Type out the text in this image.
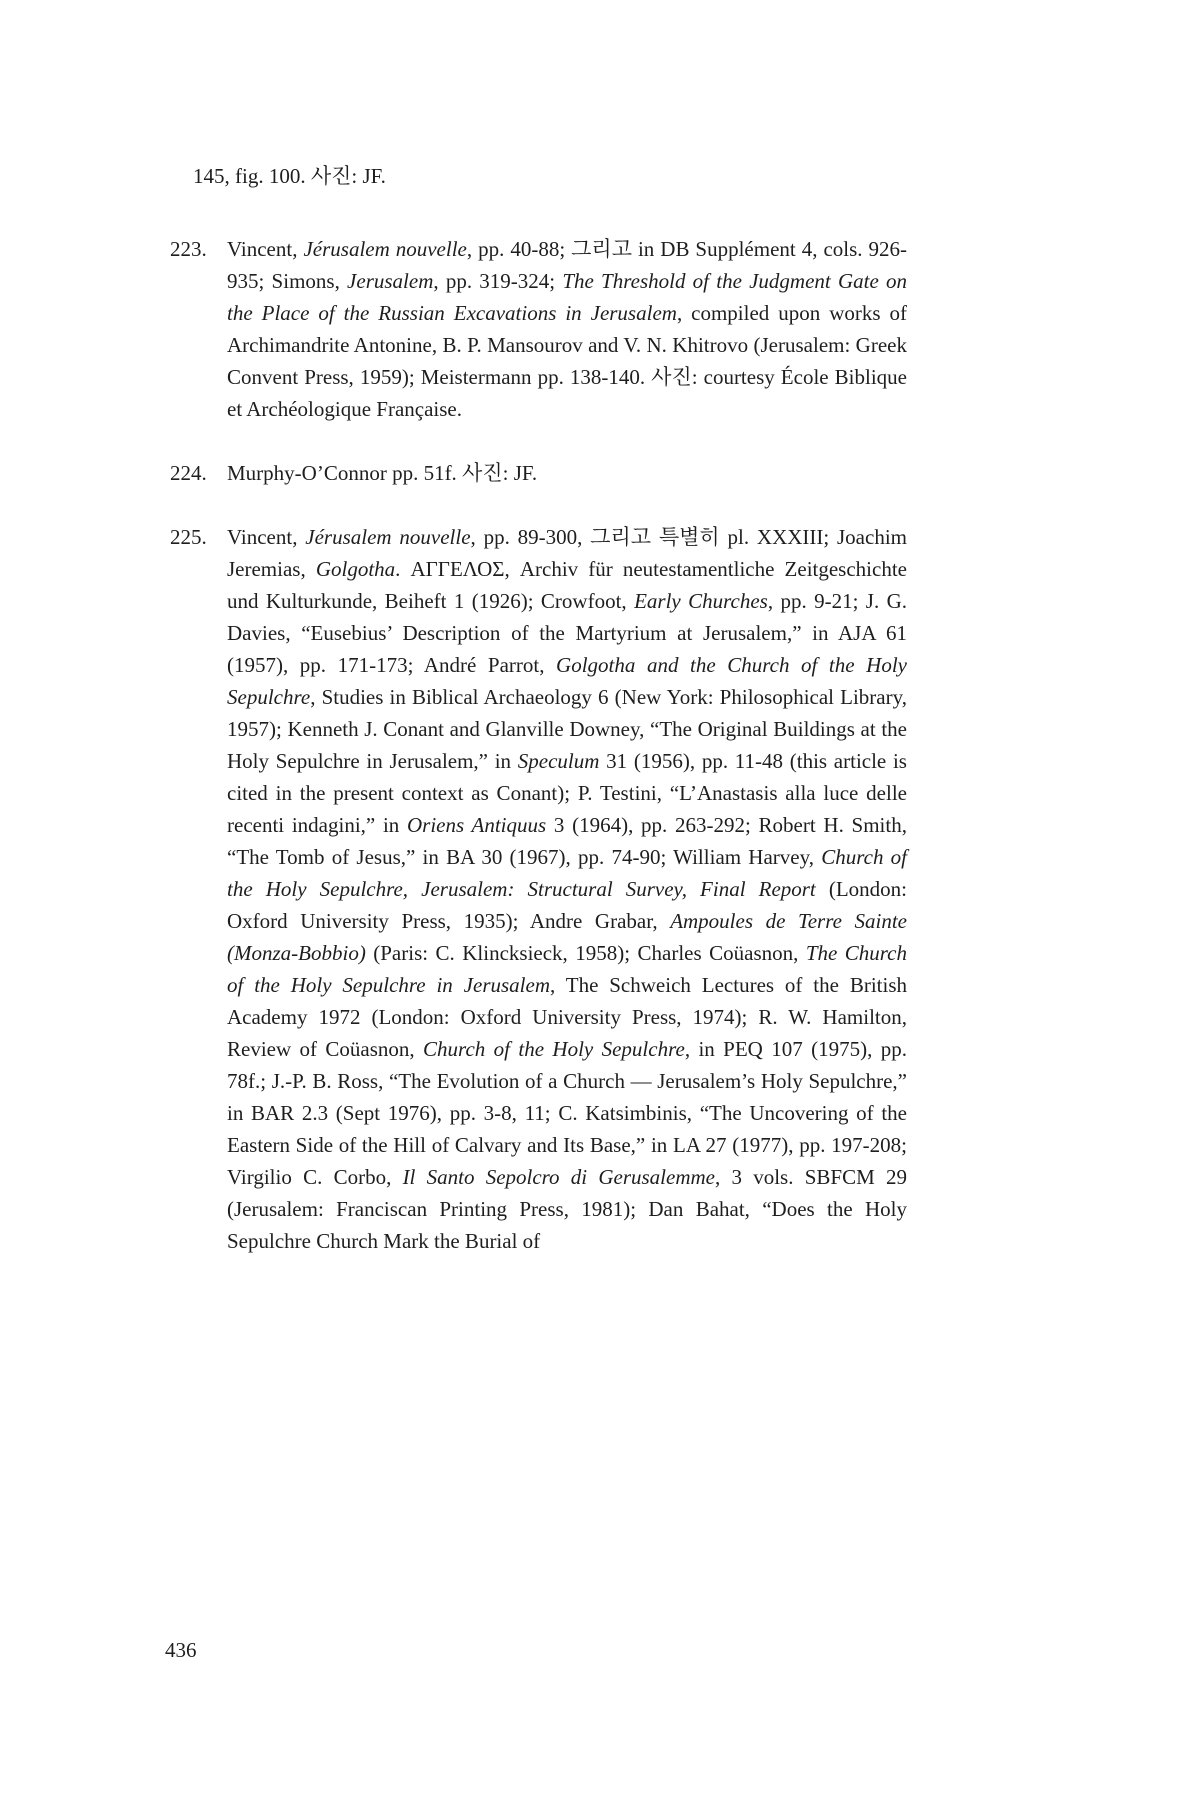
145, fig. 100. 사진: JF.

223. Vincent, Jérusalem nouvelle, pp. 40-88; 그리고 in DB Supplément 4, cols. 926-935; Simons, Jerusalem, pp. 319-324; The Threshold of the Judgment Gate on the Place of the Russian Excavations in Jerusalem, compiled upon works of Archimandrite Antonine, B. P. Mansourov and V. N. Khitrovo (Jerusalem: Greek Convent Press, 1959); Meistermann pp. 138-140. 사진: courtesy École Biblique et Archéologique Française.

224. Murphy-O’Connor pp. 51f. 사진: JF.

225. Vincent, Jérusalem nouvelle, pp. 89-300, 그리고 특별히 pl. XXXIII; Joachim Jeremias, Golgotha. ΑΓΓΕΛΟΣ, Archiv für neutestamentliche Zeitgeschichte und Kulturkunde, Beiheft 1 (1926); Crowfoot, Early Churches, pp. 9-21; J. G. Davies, “Eusebius’ Description of the Martyrium at Jerusalem,” in AJA 61 (1957), pp. 171-173; André Parrot, Golgotha and the Church of the Holy Sepulchre, Studies in Biblical Archaeology 6 (New York: Philosophical Library, 1957); Kenneth J. Conant and Glanville Downey, “The Original Buildings at the Holy Sepulchre in Jerusalem,” in Speculum 31 (1956), pp. 11-48 (this article is cited in the present context as Conant); P. Testini, “L’Anastasis alla luce delle recenti indagini,” in Oriens Antiquus 3 (1964), pp. 263-292; Robert H. Smith, “The Tomb of Jesus,” in BA 30 (1967), pp. 74-90; William Harvey, Church of the Holy Sepulchre, Jerusalem: Structural Survey, Final Report (London: Oxford University Press, 1935); Andre Grabar, Ampoules de Terre Sainte (Monza-Bobbio) (Paris: C. Klincksieck, 1958); Charles Coüasnon, The Church of the Holy Sepulchre in Jerusalem, The Schweich Lectures of the British Academy 1972 (London: Oxford University Press, 1974); R. W. Hamilton, Review of Coüasnon, Church of the Holy Sepulchre, in PEQ 107 (1975), pp. 78f.; J.-P. B. Ross, “The Evolution of a Church — Jerusalem’s Holy Sepulchre,” in BAR 2.3 (Sept 1976), pp. 3-8, 11; C. Katsimbinis, “The Uncovering of the Eastern Side of the Hill of Calvary and Its Base,” in LA 27 (1977), pp. 197-208; Virgilio C. Corbo, Il Santo Sepolcro di Gerusalemme, 3 vols. SBFCM 29 (Jerusalem: Franciscan Printing Press, 1981); Dan Bahat, “Does the Holy Sepulchre Church Mark the Burial of

436
